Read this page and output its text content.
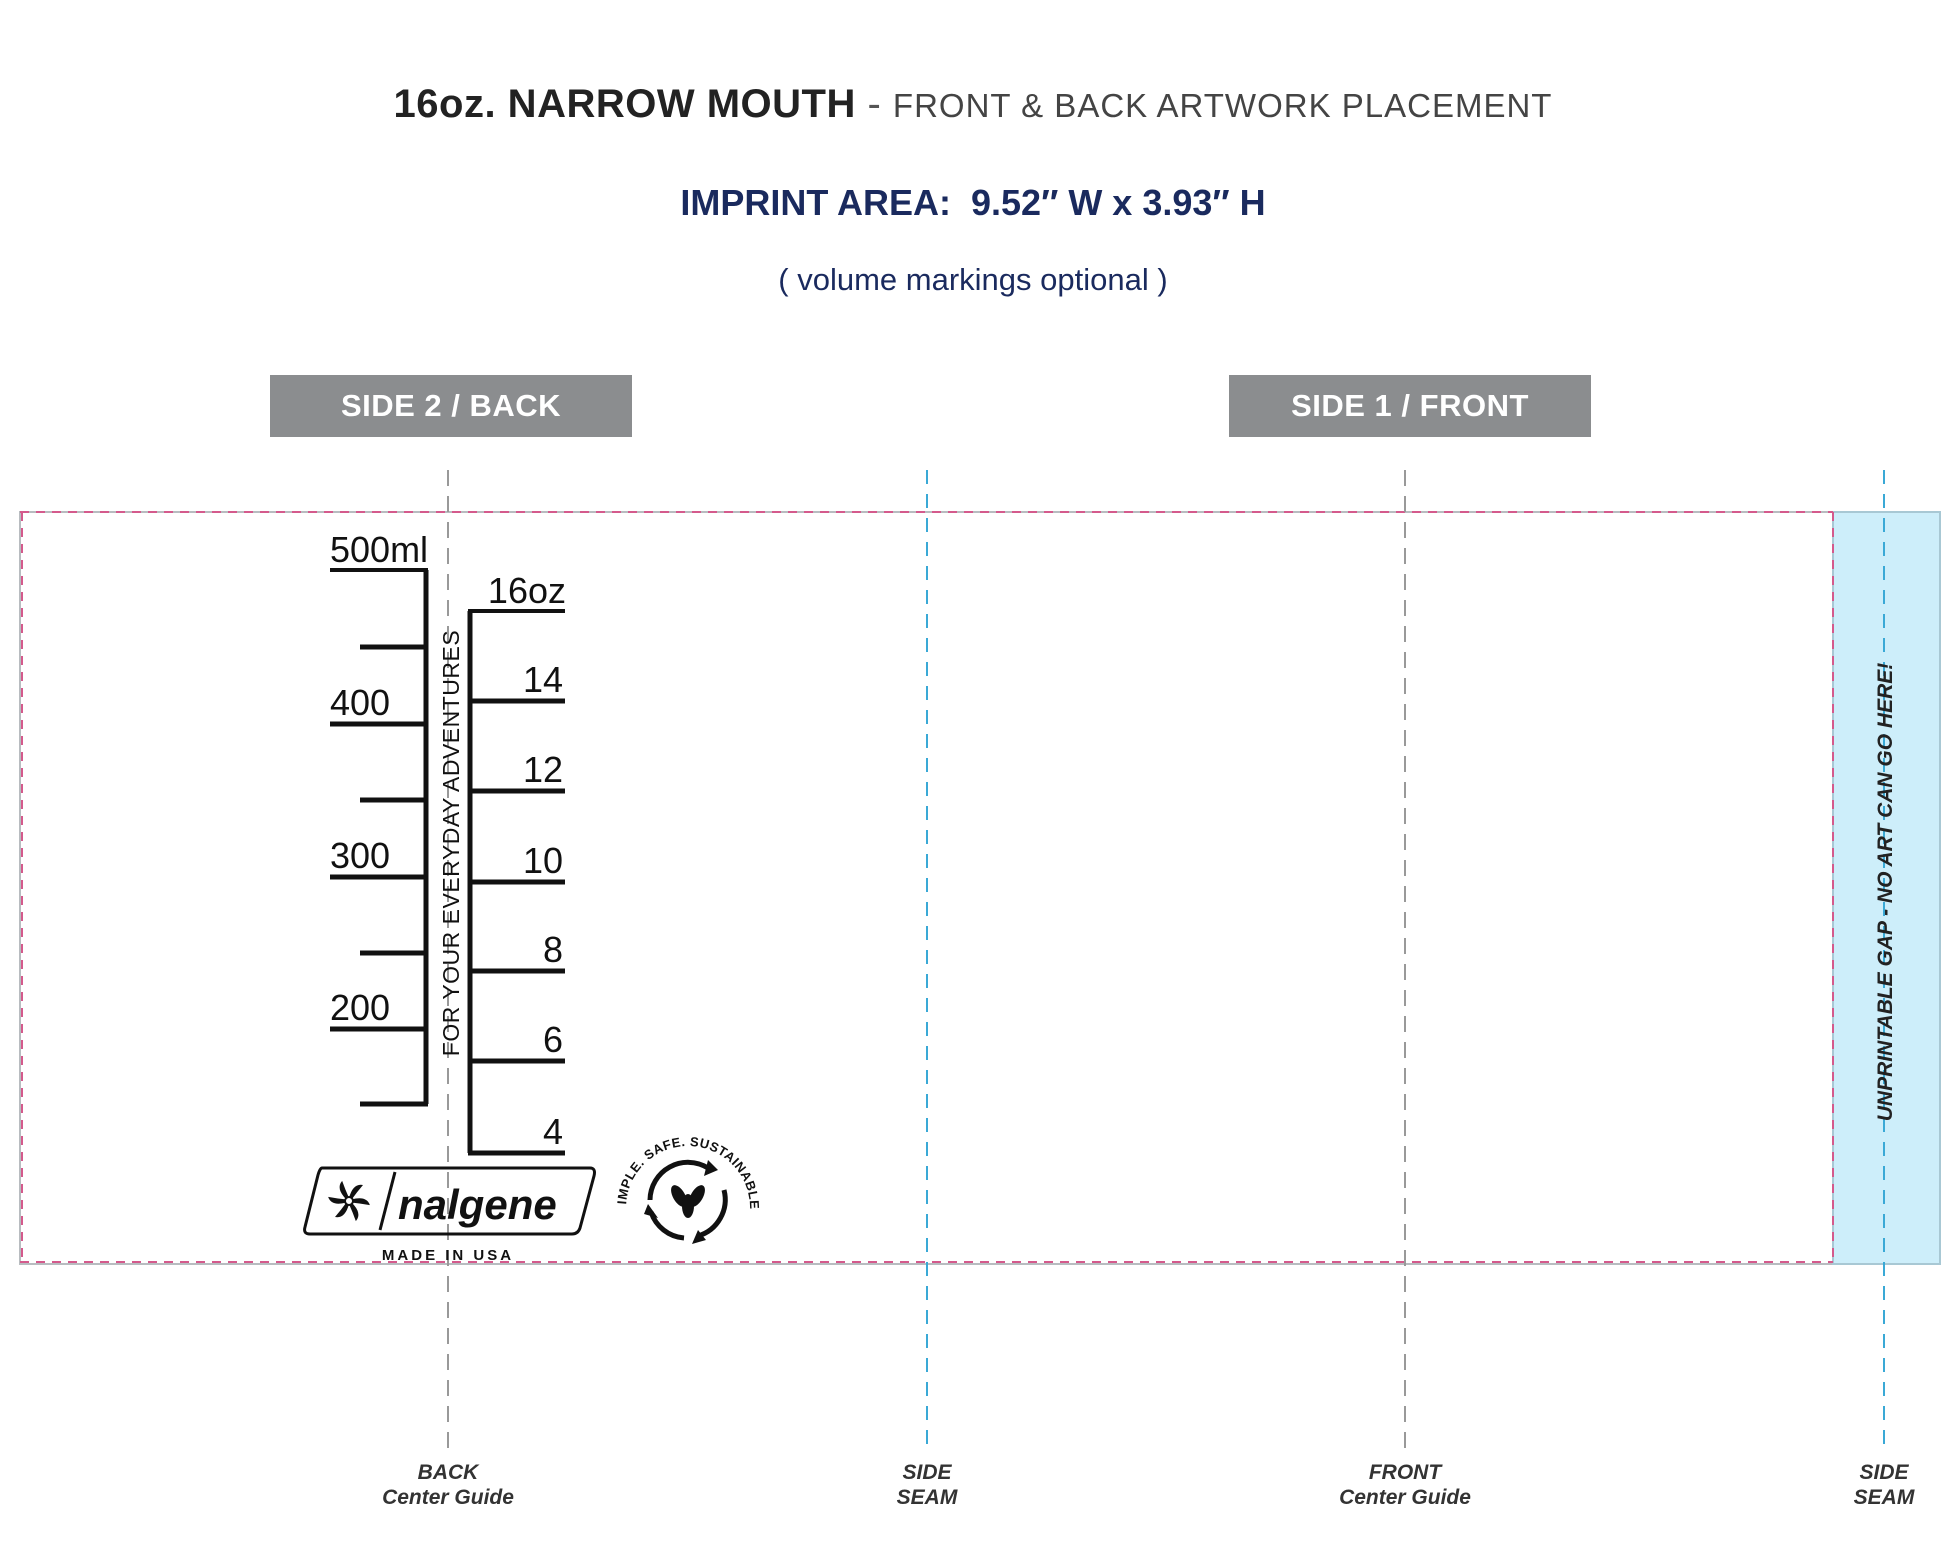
16oz. NARROW MOUTH - FRONT & BACK ARTWORK PLACEMENT
IMPRINT AREA:  9.52″ W x 3.93″ H
( volume markings optional )
SIDE 2 / BACK	SIDE 1 / FRONT
UNPRINTABLE GAP - NO ART CAN GO HERE!
500ml
400
300
200 FOR YOUR EVERYDAY ADVENTURES
16oz
14
12
10
8
6
4
nalgene
MADE IN USA
IMPLE. SAFE. SUSTAINABLE
BACK
Center Guide
SIDE
SEAM
FRONT
Center Guide
SIDE
SEAM
